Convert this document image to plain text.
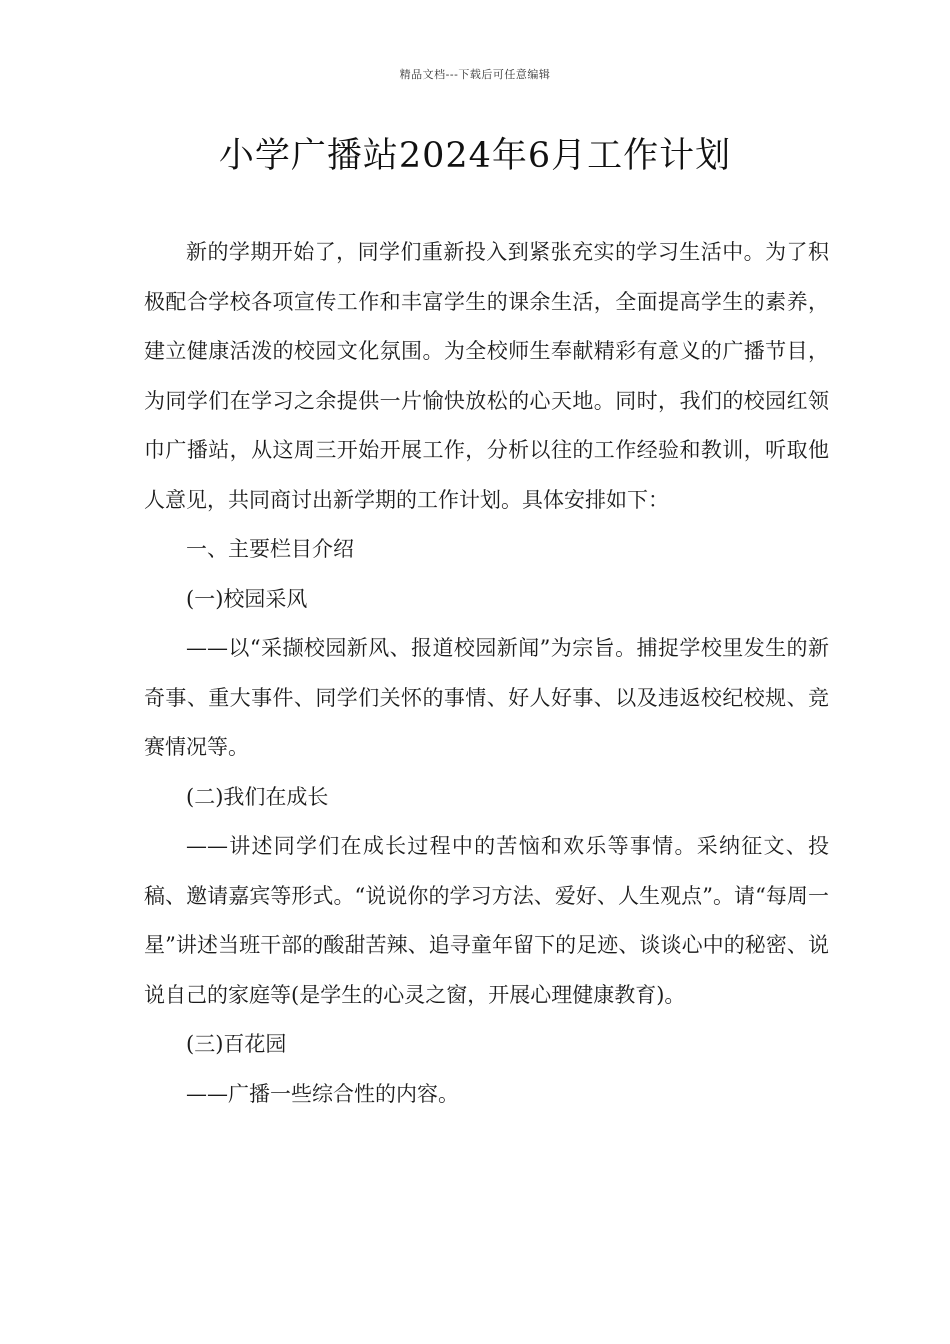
精品文档---下载后可任意编辑
小学广播站2024年6月工作计划

新的学期开始了，同学们重新投入到紧张充实的学习生活中。为了积极配合学校各项宣传工作和丰富学生的课余生活，全面提高学生的素养，建立健康活泼的校园文化氛围。为全校师生奉献精彩有意义的广播节目，为同学们在学习之余提供一片愉快放松的心天地。同时，我们的校园红领巾广播站，从这周三开始开展工作，分析以往的工作经验和教训，听取他人意见，共同商讨出新学期的工作计划。具体安排如下：

一、主要栏目介绍

(一)校园采风

——以“采撷校园新风、报道校园新闻”为宗旨。捕捉学校里发生的新奇事、重大事件、同学们关怀的事情、好人好事、以及违返校纪校规、竞赛情况等。

(二)我们在成长

——讲述同学们在成长过程中的苦恼和欢乐等事情。采纳征文、投稿、邀请嘉宾等形式。“说说你的学习方法、爱好、人生观点”。请“每周一星”讲述当班干部的酸甜苦辣、追寻童年留下的足迹、谈谈心中的秘密、说说自己的家庭等(是学生的心灵之窗，开展心理健康教育)。

(三)百花园

——广播一些综合性的内容。
